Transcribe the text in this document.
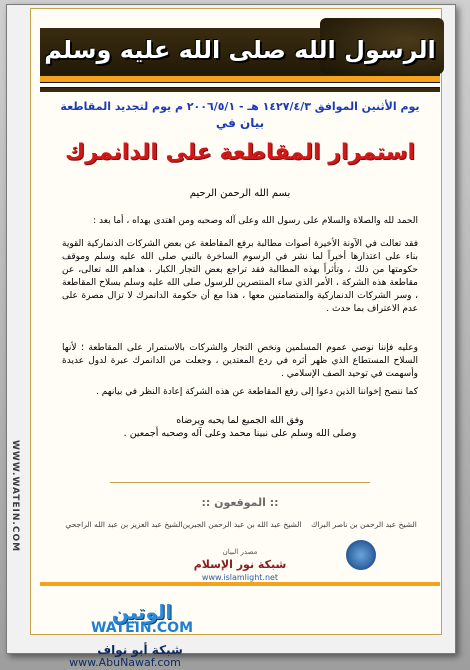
الرسول الله صلى الله عليه وسلم
يوم الأثنين الموافق ١٤٢٧/٤/٣ هـ - ٢٠٠٦/٥/١ م يوم لتجديد المقاطعة
بيان في
استمرار المقاطعة على الدانمرك
بسم الله الرحمن الرحيم
الحمد لله والصلاة والسلام على رسول الله وعلى آله وصحبه ومن اهتدى بهداه ، أما بعد :
فقد تعالت في الآونة الأخيرة أصوات مطالبة برفع المقاطعة عن بعض الشركات الدنماركية القوية بناء على اعتذارها أخيراً لما نشر في الرسوم الساخرة بالنبي صلى الله عليه وسلم وموقف حكومتها من ذلك ، وتأثراً بهذه المطالبة فقد تراجع بعض التجار الكبار ، هداهم الله تعالى، عن مقاطعة هذه الشركة ، الأمر الذي ساء المنتصرين للرسول صلى الله عليه وسلم بسلاح المقاطعة ، وسر الشركات الدنماركية والمتضامنين معها ، هذا مع أن حكومة الدانمرك لا تزال مصرة على عدم الاعتراف بما حدث .
وعليه فإننا نوصي عموم المسلمين ونخص التجار والشركات بالاستمرار على المقاطعة ؛ لأنها السلاح المستطاع الذي ظهر أثره في ردع المعتدين ، وجعلت من الدانمرك عبرة لدول عديدة وأسهمت في توحيد الصف الإسلامي .
كما ننصح إخواننا الذين دعوا إلى رفع المقاطعة عن هذه الشركة إعادة النظر في بيانهم .
وفق الله الجميع لما يحبه ويرضاه
وصلى الله وسلم على نبينا محمد وعلى آله وصحبه أجمعين .
:: الموقعون ::
الشيخ عبد الرحمن بن ناصر البراك
الشيخ عبد الله بن عبد الرحمن الجبرين
الشيخ عبد العزيز بن عبد الله الراجحي
مصدر البيان
شبكة نور الإسلام
www.islamlight.net
WWW.WATEIN.COM
الوتين
WATEIN.COM
شبكة أبو نواف
www.AbuNawaf.com
